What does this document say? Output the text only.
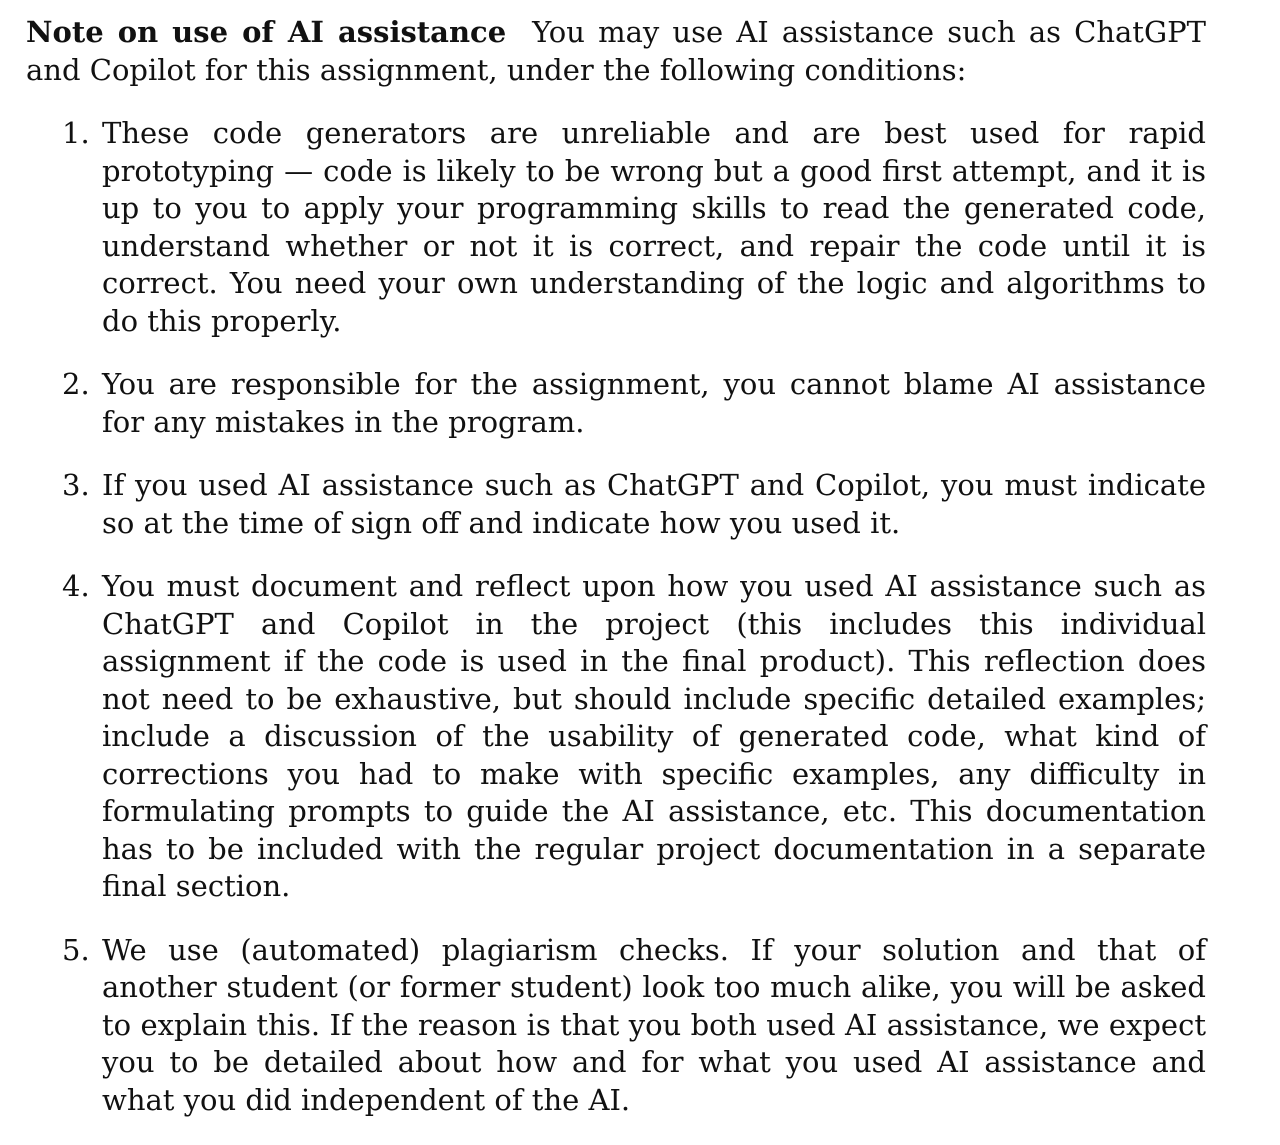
Note on use of AI assistance You may use AI assistance such as ChatGPT and Copilot for this assignment, under the following conditions:

1. These code generators are unreliable and are best used for rapid prototyping — code is likely to be wrong but a good first attempt, and it is up to you to apply your programming skills to read the generated code, understand whether or not it is correct, and repair the code until it is correct. You need your own understanding of the logic and algorithms to do this properly.
2. You are responsible for the assignment, you cannot blame AI assistance for any mistakes in the program.
3. If you used AI assistance such as ChatGPT and Copilot, you must indicate so at the time of sign off and indicate how you used it.
4. You must document and reflect upon how you used AI assistance such as ChatGPT and Copilot in the project (this includes this individual assignment if the code is used in the final product). This reflection does not need to be exhaustive, but should include specific detailed examples; include a discussion of the usability of generated code, what kind of corrections you had to make with specific examples, any difficulty in formulating prompts to guide the AI assistance, etc. This documentation has to be included with the regular project documentation in a separate final section.
5. We use (automated) plagiarism checks. If your solution and that of another student (or former student) look too much alike, you will be asked to explain this. If the reason is that you both used AI assistance, we expect you to be detailed about how and for what you used AI assistance and what you did independent of the AI.
